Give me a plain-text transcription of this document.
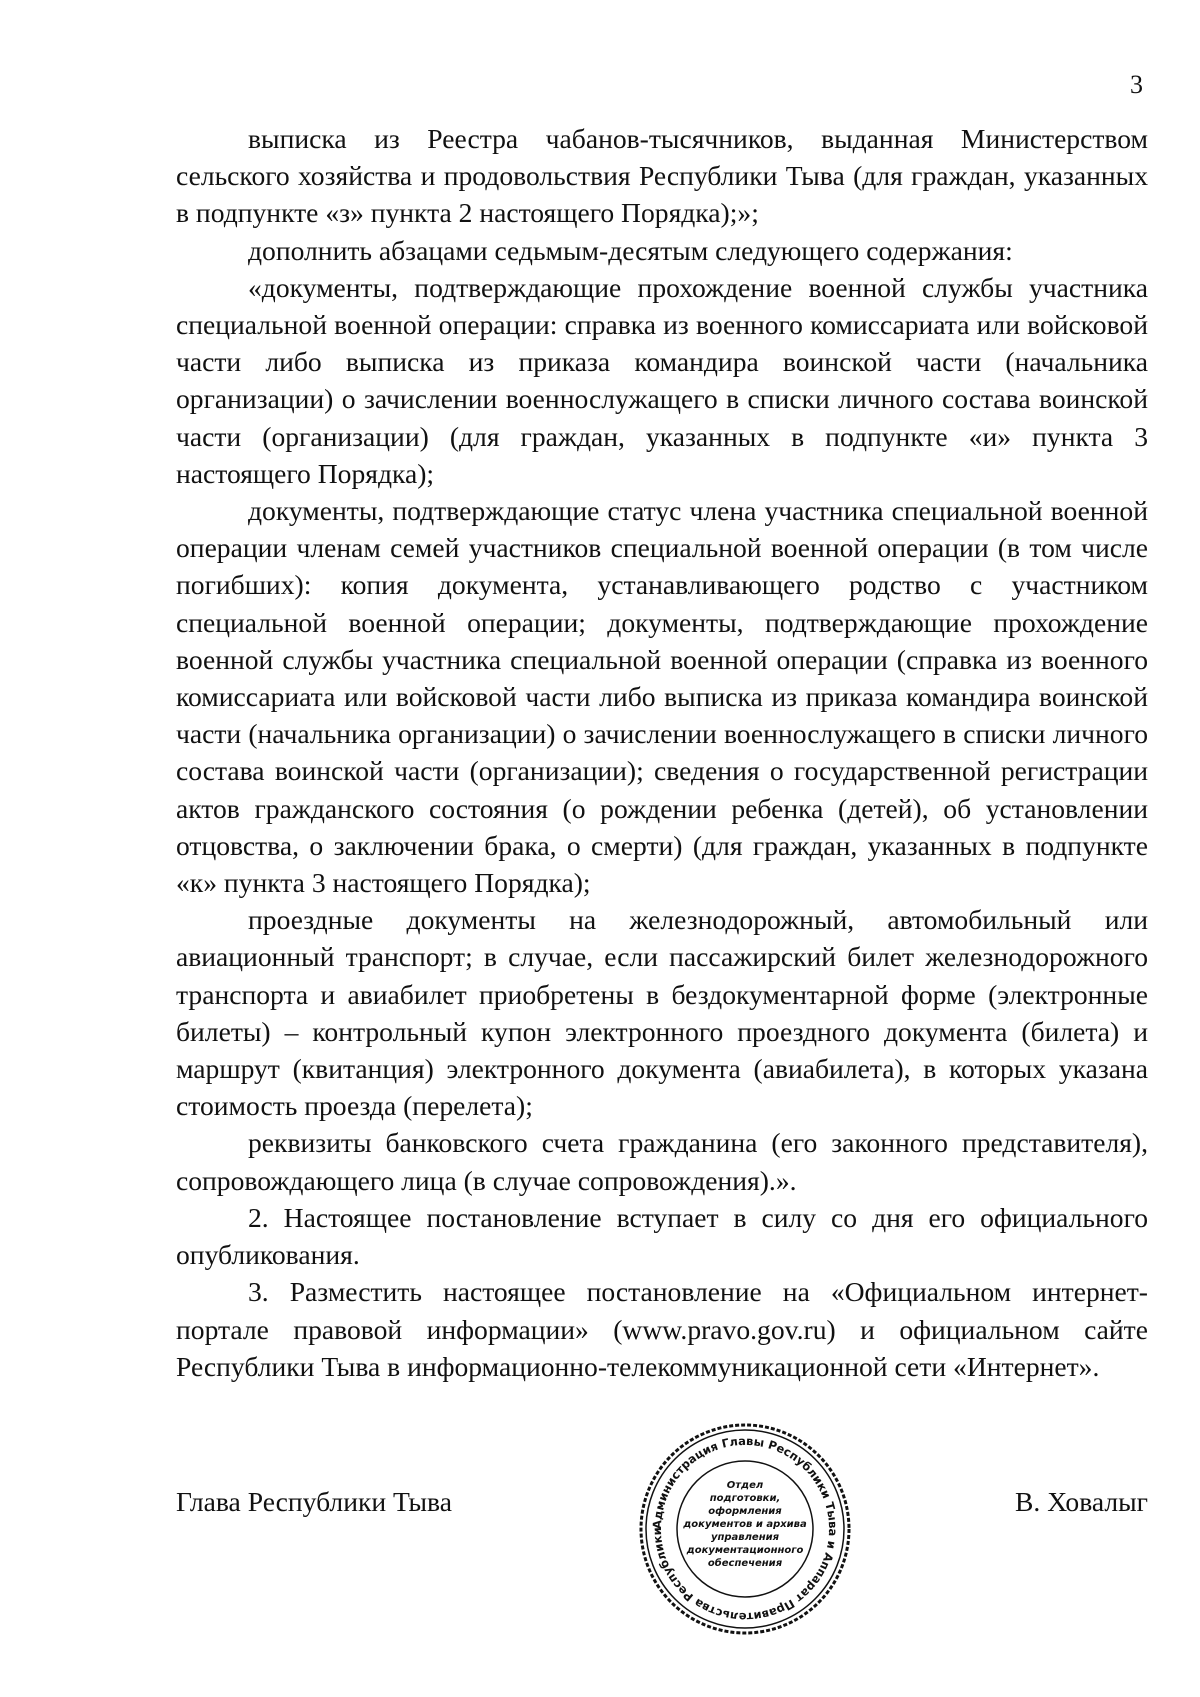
3

выписка из Реестра чабанов-тысячников, выданная Министерством сельского хозяйства и продовольствия Республики Тыва (для граждан, указанных в подпункте «з» пункта 2 настоящего Порядка);»;

дополнить абзацами седьмым-десятым следующего содержания:

«документы, подтверждающие прохождение военной службы участника специальной военной операции: справка из военного комиссариата или войсковой части либо выписка из приказа командира воинской части (начальника организации) о зачислении военнослужащего в списки личного состава воинской части (организации) (для граждан, указанных в подпункте «и» пункта 3 настоящего Порядка);

документы, подтверждающие статус члена участника специальной военной операции членам семей участников специальной военной операции (в том числе погибших): копия документа, устанавливающего родство с участником специальной военной операции; документы, подтверждающие прохождение военной службы участника специальной военной операции (справка из военного комиссариата или войсковой части либо выписка из приказа командира воинской части (начальника организации) о зачислении военнослужащего в списки личного состава воинской части (организации); сведения о государственной регистрации актов гражданского состояния (о рождении ребенка (детей), об установлении отцовства, о заключении брака, о смерти) (для граждан, указанных в подпункте «к» пункта 3 настоящего Порядка);

проездные документы на железнодорожный, автомобильный или авиационный транспорт; в случае, если пассажирский билет железнодорожного транспорта и авиабилет приобретены в бездокументарной форме (электронные билеты) – контрольный купон электронного проездного документа (билета) и маршрут (квитанция) электронного документа (авиабилета), в которых указана стоимость проезда (перелета);

реквизиты банковского счета гражданина (его законного представителя), сопровождающего лица (в случае сопровождения).».

2. Настоящее постановление вступает в силу со дня его официального опубликования.

3. Разместить настоящее постановление на «Официальном интернет-портале правовой информации» (www.pravo.gov.ru) и официальном сайте Республики Тыва в информационно-телекоммуникационной сети «Интернет».

Глава Республики Тыва	В. Ховалыг
Администрация Главы Республики Тыва и Аппарат Правительства Республики
Отдел
подготовки,
оформления
документов и архива
управления
документационного
обеспечения
